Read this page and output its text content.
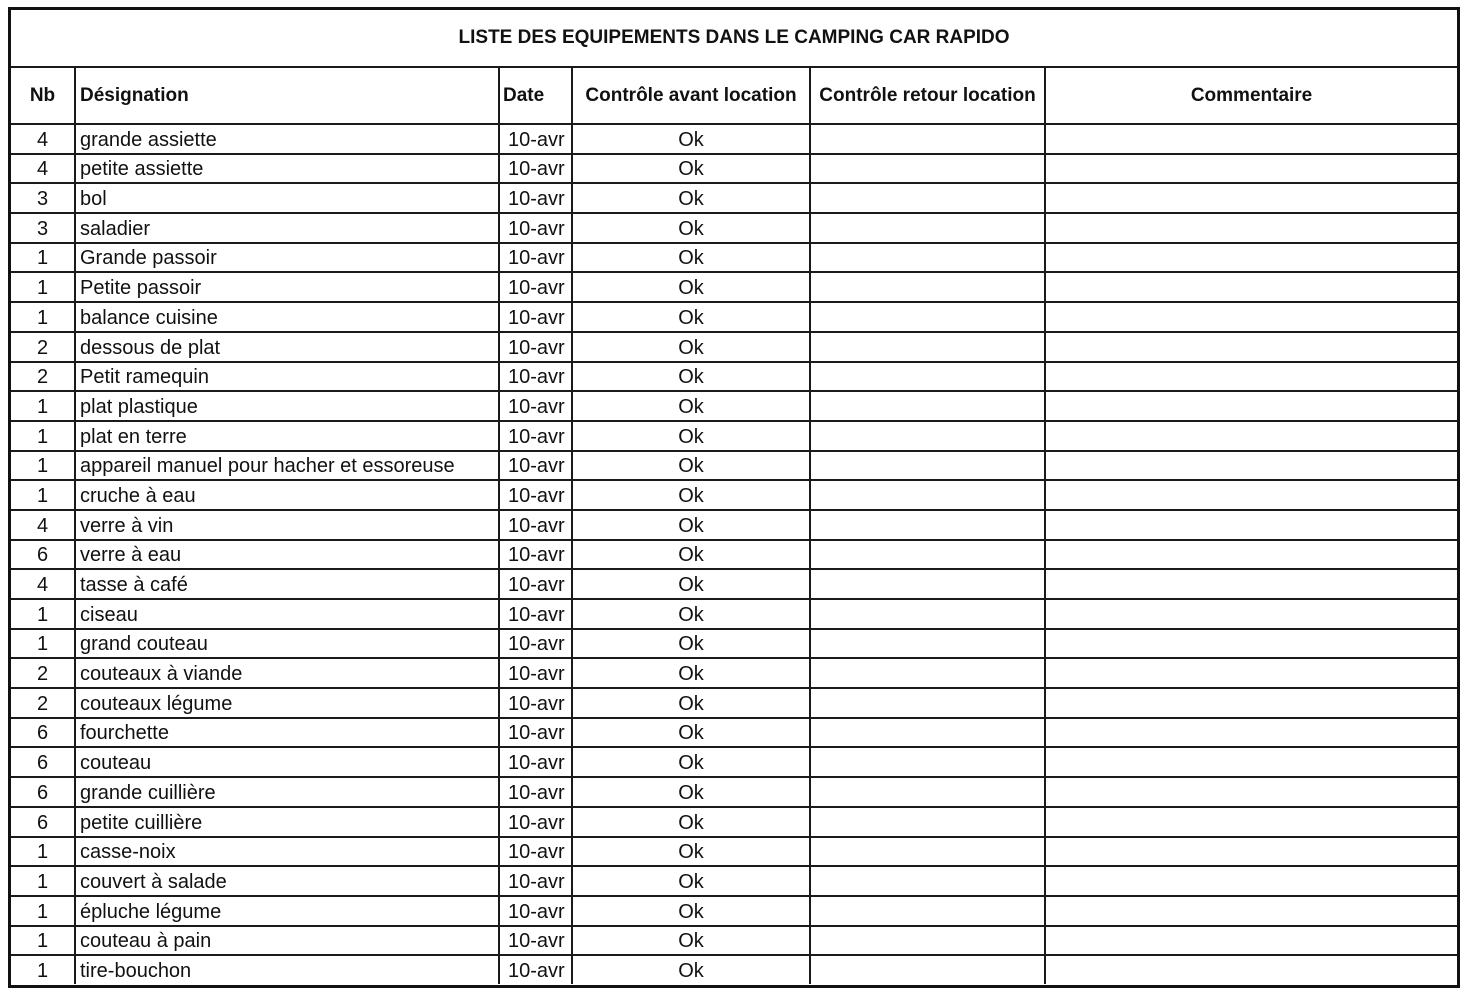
LISTE DES EQUIPEMENTS DANS LE CAMPING CAR RAPIDO					
Nb	Désignation	Date	Contrôle avant location	Contrôle retour location	Commentaire
4	grande assiette	10-avr	Ok		
4	petite assiette	10-avr	Ok		
3	bol	10-avr	Ok		
3	saladier	10-avr	Ok		
1	Grande passoir	10-avr	Ok		
1	Petite passoir	10-avr	Ok		
1	balance cuisine	10-avr	Ok		
2	dessous de plat	10-avr	Ok		
2	Petit ramequin	10-avr	Ok		
1	plat plastique	10-avr	Ok		
1	plat en terre	10-avr	Ok		
1	appareil manuel pour hacher et essoreuse	10-avr	Ok		
1	cruche à eau	10-avr	Ok		
4	verre à vin	10-avr	Ok		
6	verre à eau	10-avr	Ok		
4	tasse à café	10-avr	Ok		
1	ciseau	10-avr	Ok		
1	grand couteau	10-avr	Ok		
2	couteaux à viande	10-avr	Ok		
2	couteaux légume	10-avr	Ok		
6	fourchette	10-avr	Ok		
6	couteau	10-avr	Ok		
6	grande cuillière	10-avr	Ok		
6	petite cuillière	10-avr	Ok		
1	casse-noix	10-avr	Ok		
1	couvert à salade	10-avr	Ok		
1	épluche légume	10-avr	Ok		
1	couteau à pain	10-avr	Ok		
1	tire-bouchon	10-avr	Ok		
